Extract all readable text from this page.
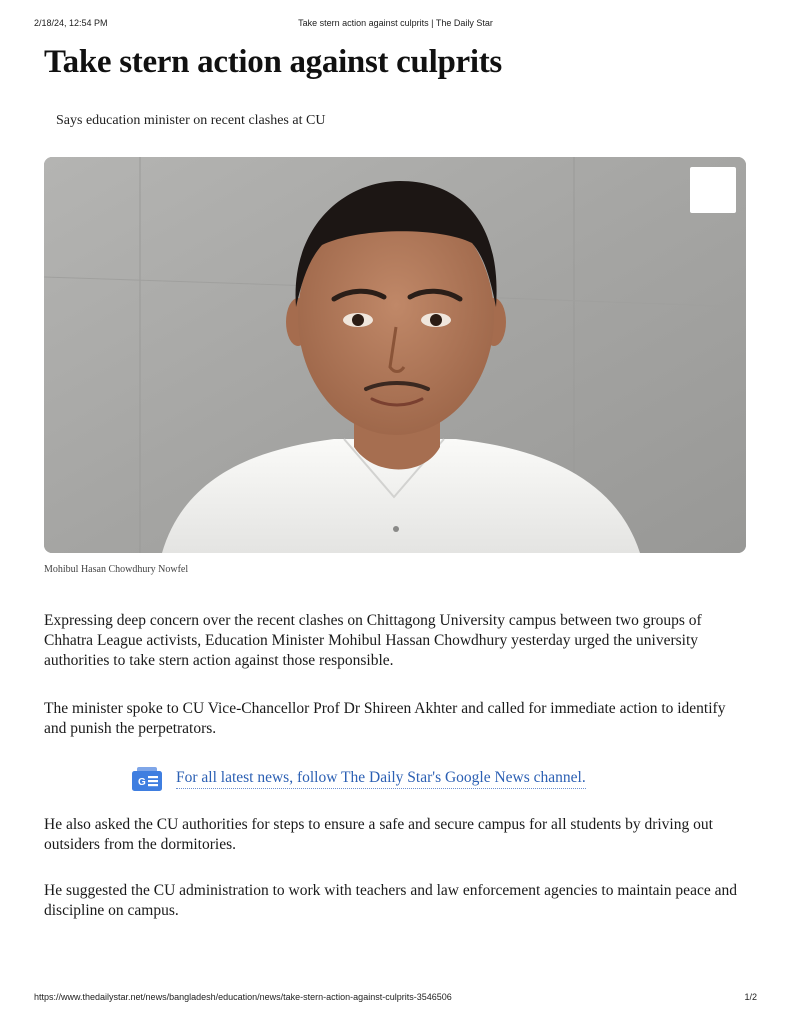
2/18/24, 12:54 PM	Take stern action against culprits | The Daily Star
Take stern action against culprits
Says education minister on recent clashes at CU
Mohibul Hasan Chowdhury Nowfel

Expressing deep concern over the recent clashes on Chittagong University campus between two groups of Chhatra League activists, Education Minister Mohibul Hassan Chowdhury yesterday urged the university authorities to take stern action against those responsible.

The minister spoke to CU Vice-Chancellor Prof Dr Shireen Akhter and called for immediate action to identify and punish the perpetrators.

G For all latest news, follow The Daily Star's Google News channel.

He also asked the CU authorities for steps to ensure a safe and secure campus for all students by driving out outsiders from the dormitories.

He suggested the CU administration to work with teachers and law enforcement agencies to maintain peace and discipline on campus.

https://www.thedailystar.net/news/bangladesh/education/news/take-stern-action-against-culprits-3546506	1/2
